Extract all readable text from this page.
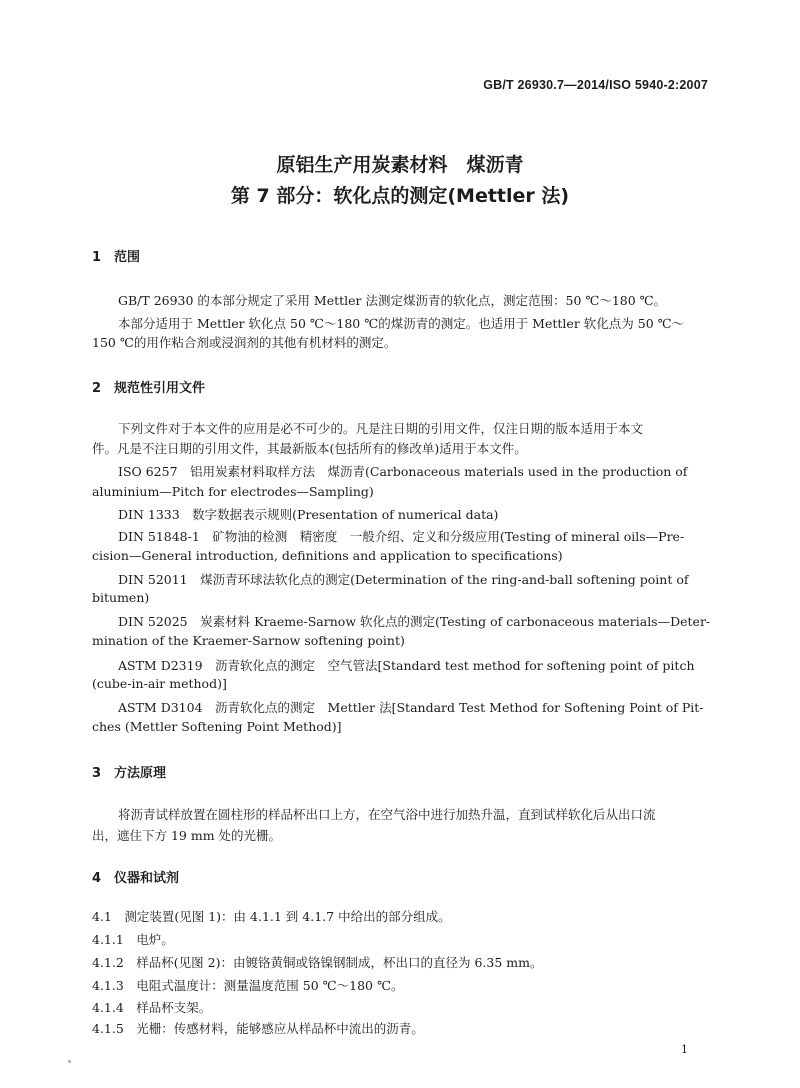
GB/T 26930.7—2014/ISO 5940-2:2007
原铝生产用炭素材料　煤沥青
第 7 部分：软化点的测定(Mettler 法)
1 范围
GB/T 26930 的本部分规定了采用 Mettler 法测定煤沥青的软化点，测定范围：50 ℃～180 ℃。
本部分适用于 Mettler 软化点 50 ℃～180 ℃的煤沥青的测定。也适用于 Mettler 软化点为 50 ℃～
150 ℃的用作粘合剂或浸润剂的其他有机材料的测定。
2 规范性引用文件
下列文件对于本文件的应用是必不可少的。凡是注日期的引用文件，仅注日期的版本适用于本文
件。凡是不注日期的引用文件，其最新版本(包括所有的修改单)适用于本文件。
ISO 6257　铝用炭素材料取样方法　煤沥青(Carbonaceous materials used in the production of
aluminium—Pitch for electrodes—Sampling)
DIN 1333　数字数据表示规则(Presentation of numerical data)
DIN 51848-1　矿物油的检测　精密度　一般介绍、定义和分级应用(Testing of mineral oils—Pre-
cision—General introduction, definitions and application to specifications)
DIN 52011　煤沥青环球法软化点的测定(Determination of the ring-and-ball softening point of
bitumen)
DIN 52025　炭素材料 Kraeme-Sarnow 软化点的测定(Testing of carbonaceous materials—Deter-
mination of the Kraemer-Sarnow softening point)
ASTM D2319　沥青软化点的测定　空气管法[Standard test method for softening point of pitch
(cube-in-air method)]
ASTM D3104　沥青软化点的测定　Mettler 法[Standard Test Method for Softening Point of Pit-
ches (Mettler Softening Point Method)]
3 方法原理
将沥青试样放置在圆柱形的样品杯出口上方，在空气浴中进行加热升温，直到试样软化后从出口流
出，遮住下方 19 mm 处的光栅。
4 仪器和试剂
4.1　测定装置(见图 1)：由 4.1.1 到 4.1.7 中给出的部分组成。
4.1.1　电炉。
4.1.2　样品杯(见图 2)：由镀铬黄铜或铬镍钢制成，杯出口的直径为 6.35 mm。
4.1.3　电阻式温度计：测量温度范围 50 ℃～180 ℃。
4.1.4　样品杯支架。
4.1.5　光栅：传感材料，能够感应从样品杯中流出的沥青。
1
